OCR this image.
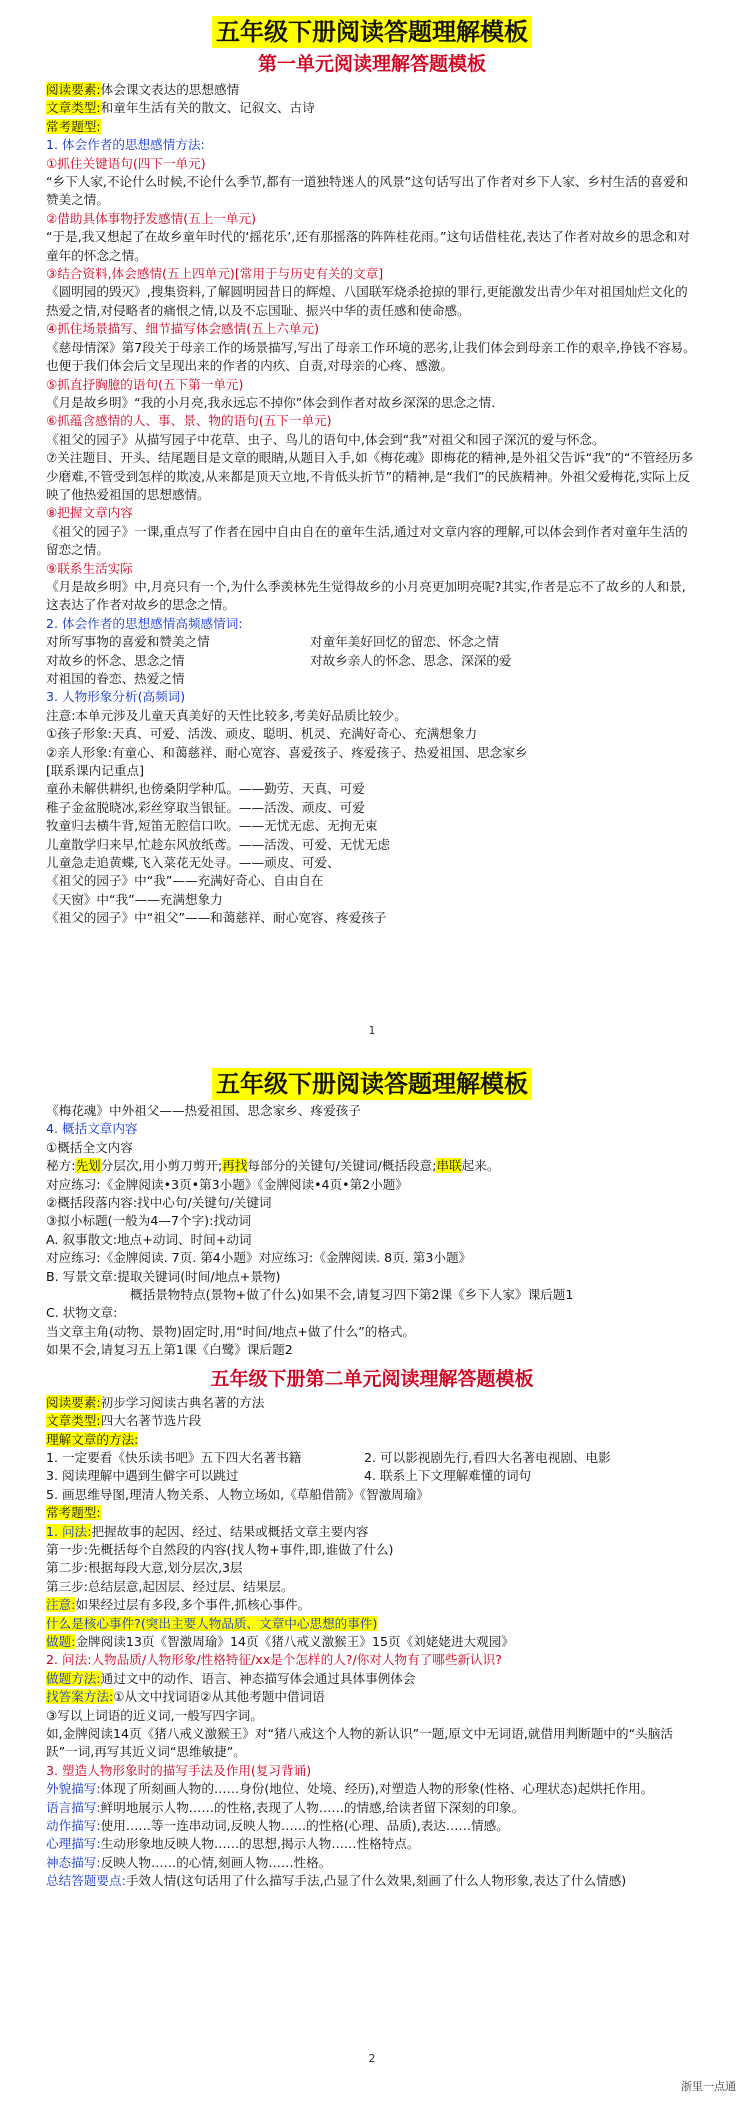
五年级下册阅读答题理解模板
第一单元阅读理解答题模板
阅读要素:体会课文表达的思想感情
文章类型:和童年生活有关的散文、记叙文、古诗
常考题型:
1. 体会作者的思想感情方法:
①抓住关键语句(四下一单元)
“乡下人家,不论什么时候,不论什么季节,都有一道独特迷人的风景”这句话写出了作者对乡下人家、乡村生活的喜爱和赞美之情。
②借助具体事物抒发感情(五上一单元)
“于是,我又想起了在故乡童年时代的‘摇花乐’,还有那摇落的阵阵桂花雨。”这句话借桂花,表达了作者对故乡的思念和对童年的怀念之情。
③结合资料,体会感情(五上四单元)[常用于与历史有关的文章]
《圆明园的毁灭》,搜集资料,了解圆明园昔日的辉煌、八国联军烧杀抢掠的罪行,更能激发出青少年对祖国灿烂文化的热爱之情,对侵略者的痛恨之情,以及不忘国耻、振兴中华的责任感和使命感。
④抓住场景描写、细节描写体会感情(五上六单元)
《慈母情深》第7段关于母亲工作的场景描写,写出了母亲工作环境的恶劣,让我们体会到母亲工作的艰辛,挣钱不容易。也便于我们体会后文呈现出来的作者的内疚、自责,对母亲的心疼、感激。
⑤抓直抒胸臆的语句(五下第一单元)
《月是故乡明》“我的小月亮,我永远忘不掉你”体会到作者对故乡深深的思念之情.
⑥抓蕴含感情的人、事、景、物的语句(五下一单元)
《祖父的园子》从描写园子中花草、虫子、鸟儿的语句中,体会到“我”对祖父和园子深沉的爱与怀念。
⑦关注题目、开头、结尾题目是文章的眼睛,从题目入手,如《梅花魂》即梅花的精神,是外祖父告诉“我”的“不管经历多少磨难,不管受到怎样的欺凌,从来都是顶天立地,不肯低头折节”的精神,是“我们”的民族精神。外祖父爱梅花,实际上反映了他热爱祖国的思想感情。
⑧把握文章内容
《祖父的园子》一课,重点写了作者在园中自由自在的童年生活,通过对文章内容的理解,可以体会到作者对童年生活的留恋之情。
⑨联系生活实际
《月是故乡明》中,月亮只有一个,为什么季羡林先生觉得故乡的小月亮更加明亮呢?其实,作者是忘不了故乡的人和景,这表达了作者对故乡的思念之情。
2. 体会作者的思想感情高频感情词:
对所写事物的喜爱和赞美之情	对童年美好回忆的留恋、怀念之情
对故乡的怀念、思念之情	对故乡亲人的怀念、思念、深深的爱
对祖国的眷恋、热爱之情
3. 人物形象分析(高频词)
注意:本单元涉及儿童天真美好的天性比较多,考美好品质比较少。
①孩子形象:天真、可爱、活泼、顽皮、聪明、机灵、充满好奇心、充满想象力
②亲人形象:有童心、和蔼慈祥、耐心宽容、喜爱孩子、疼爱孩子、热爱祖国、思念家乡
[联系课内记重点]
童孙未解供耕织,也傍桑阴学种瓜。——勤劳、天真、可爱
稚子金盆脱晓冰,彩丝穿取当银钲。——活泼、顽皮、可爱
牧童归去横牛背,短笛无腔信口吹。——无忧无虑、无拘无束
儿童散学归来早,忙趁东风放纸鸢。——活泼、可爱、无忧无虑
儿童急走追黄蝶,飞入菜花无处寻。——顽皮、可爱、
《祖父的园子》中“我”——充满好奇心、自由自在
《天窗》中“我”——充满想象力
《祖父的园子》中“祖父”——和蔼慈祥、耐心宽容、疼爱孩子
1
五年级下册阅读答题理解模板
《梅花魂》中外祖父——热爱祖国、思念家乡、疼爱孩子
4. 概括文章内容
①概括全文内容
秘方:先划分层次,用小剪刀剪开;再找每部分的关键句/关键词/概括段意;串联起来。
对应练习:《金牌阅读•3页•第3小题》《金牌阅读•4页•第2小题》
②概括段落内容:找中心句/关键句/关键词
③拟小标题(一般为4—7个字):找动词
A. 叙事散文:地点+动词、时间+动词
对应练习:《金牌阅读. 7页. 第4小题》对应练习:《金牌阅读. 8页. 第3小题》
B. 写景文章:提取关键词(时间/地点+景物)
概括景物特点(景物+做了什么)如果不会,请复习四下第2课《乡下人家》课后题1
C. 状物文章:
当文章主角(动物、景物)固定时,用“时间/地点+做了什么”的格式。
如果不会,请复习五上第1课《白鹭》课后题2
五年级下册第二单元阅读理解答题模板
阅读要素:初步学习阅读古典名著的方法
文章类型:四大名著节选片段
理解文章的方法:
1. 一定要看《快乐读书吧》五下四大名著书籍	2. 可以影视剧先行,看四大名著电视剧、电影
3. 阅读理解中遇到生僻字可以跳过	4. 联系上下文理解难懂的词句
5. 画思维导图,理清人物关系、人物立场如,《草船借箭》《智激周瑜》
常考题型:
1. 问法:把握故事的起因、经过、结果或概括文章主要内容
第一步:先概括每个自然段的内容(找人物+事件,即,谁做了什么)
第二步:根据每段大意,划分层次,3层
第三步:总结层意,起因层、经过层、结果层。
注意:如果经过层有多段,多个事件,抓核心事件。
什么是核心事件?(突出主要人物品质、文章中心思想的事件)
做题:金牌阅读13页《智激周瑜》14页《猪八戒义激猴王》15页《刘姥姥进大观园》
2. 问法:人物品质/人物形象/性格特征/xx是个怎样的人?/你对人物有了哪些新认识?
做题方法:通过文中的动作、语言、神态描写体会通过具体事例体会
找答案方法:①从文中找词语②从其他考题中借词语
③写以上词语的近义词,一般写四字词。
如,金牌阅读14页《猪八戒义激猴王》对“猪八戒这个人物的新认识”一题,原文中无词语,就借用判断题中的“头脑活跃”一词,再写其近义词“思维敏捷”。
3. 塑造人物形象时的描写手法及作用(复习背诵)
外貌描写:体现了所刻画人物的……身份(地位、处境、经历),对塑造人物的形象(性格、心理状态)起烘托作用。
语言描写:鲜明地展示人物……的性格,表现了人物……的情感,给读者留下深刻的印象。
动作描写:使用……等一连串动词,反映人物……的性格(心理、品质),表达……情感。
心理描写:生动形象地反映人物……的思想,揭示人物……性格特点。
神态描写:反映人物……的心情,刻画人物……性格。
总结答题要点:手效人情(这句话用了什么描写手法,凸显了什么效果,刻画了什么人物形象,表达了什么情感)
2
浙里一点通
